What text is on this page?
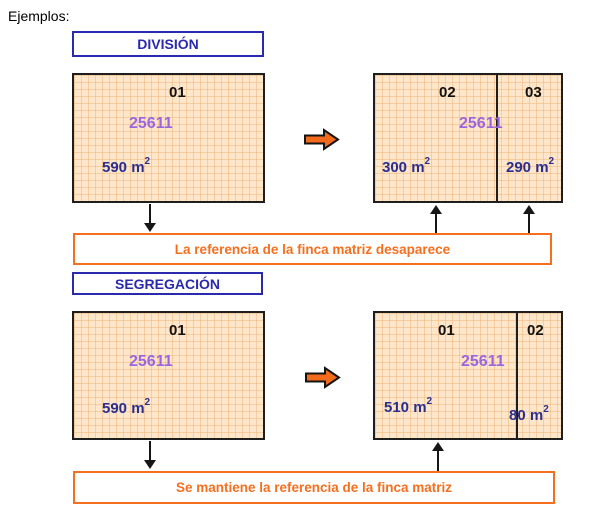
Ejemplos:
DIVISIÓN
01
25611
590 $m^2$
02	03
25611
300 $m^2$	290 $m^2$
La referencia de la finca matriz desaparece
SEGREGACIÓN
01
25611
590 $m^2$
01	02
25611
510 $m^2$
80 $m^2$
Se mantiene la referencia de la finca matriz
